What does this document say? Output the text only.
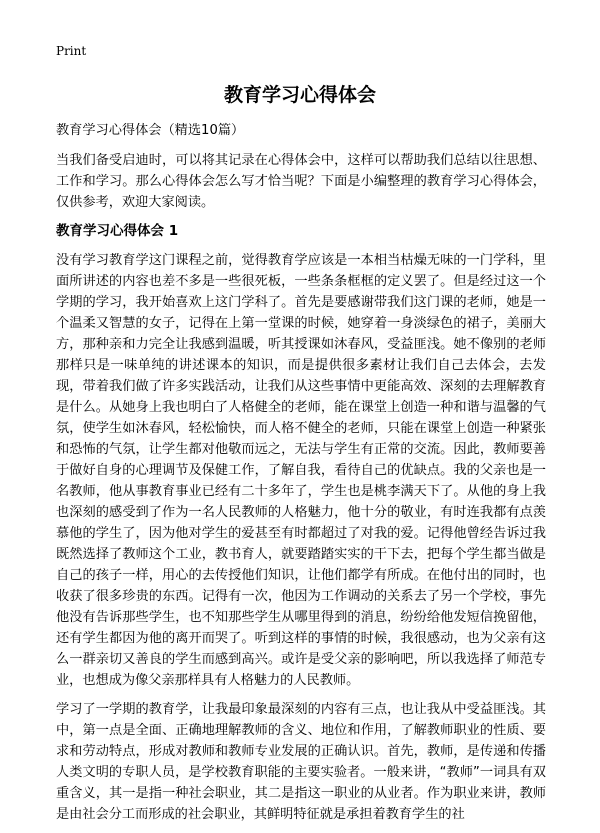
Print
教育学习心得体会

教育学习心得体会（精选10篇）

当我们备受启迪时，可以将其记录在心得体会中，这样可以帮助我们总结以往思想、工作和学习。那么心得体会怎么写才恰当呢？下面是小编整理的教育学习心得体会，仅供参考，欢迎大家阅读。

教育学习心得体会 1

没有学习教育学这门课程之前，觉得教育学应该是一本相当枯燥无味的一门学科，里面所讲述的内容也差不多是一些很死板，一些条条框框的定义罢了。但是经过这一个学期的学习，我开始喜欢上这门学科了。首先是要感谢带我们这门课的老师，她是一个温柔又智慧的女子，记得在上第一堂课的时候，她穿着一身淡绿色的裙子，美丽大方，那种亲和力完全让我感到温暖，听其授课如沐春风，受益匪浅。她不像别的老师那样只是一味单纯的讲述课本的知识，而是提供很多素材让我们自己去体会，去发现，带着我们做了许多实践活动，让我们从这些事情中更能高效、深刻的去理解教育是什么。从她身上我也明白了人格健全的老师，能在课堂上创造一种和谐与温馨的气氛，使学生如沐春风，轻松愉快，而人格不健全的老师，只能在课堂上创造一种紧张和恐怖的气氛，让学生都对他敬而远之，无法与学生有正常的交流。因此，教师要善于做好自身的心理调节及保健工作，了解自我，看待自己的优缺点。我的父亲也是一名教师，他从事教育事业已经有二十多年了，学生也是桃李满天下了。从他的身上我也深刻的感受到了作为一名人民教师的人格魅力，他十分的敬业，有时连我都有点羡慕他的学生了，因为他对学生的爱甚至有时都超过了对我的爱。记得他曾经告诉过我既然选择了教师这个工业，教书育人，就要踏踏实实的干下去，把每个学生都当做是自己的孩子一样，用心的去传授他们知识，让他们都学有所成。在他付出的同时，也收获了很多珍贵的东西。记得有一次，他因为工作调动的关系去了另一个学校，事先他没有告诉那些学生，也不知那些学生从哪里得到的消息，纷纷给他发短信挽留他，还有学生都因为他的离开而哭了。听到这样的事情的时候，我很感动，也为父亲有这么一群亲切又善良的学生而感到高兴。或许是受父亲的影响吧，所以我选择了师范专业，也想成为像父亲那样具有人格魅力的人民教师。

学习了一学期的教育学，让我最印象最深刻的内容有三点，也让我从中受益匪浅。其中，第一点是全面、正确地理解教师的含义、地位和作用，了解教师职业的性质、要求和劳动特点，形成对教师和教师专业发展的正确认识。首先，教师，是传递和传播人类文明的专职人员，是学校教育职能的主要实验者。一般来讲，“教师”一词具有双重含义，其一是指一种社会职业，其二是指这一职业的从业者。作为职业来讲，教师是由社会分工而形成的社会职业，其鲜明特征就是承担着教育学生的社
